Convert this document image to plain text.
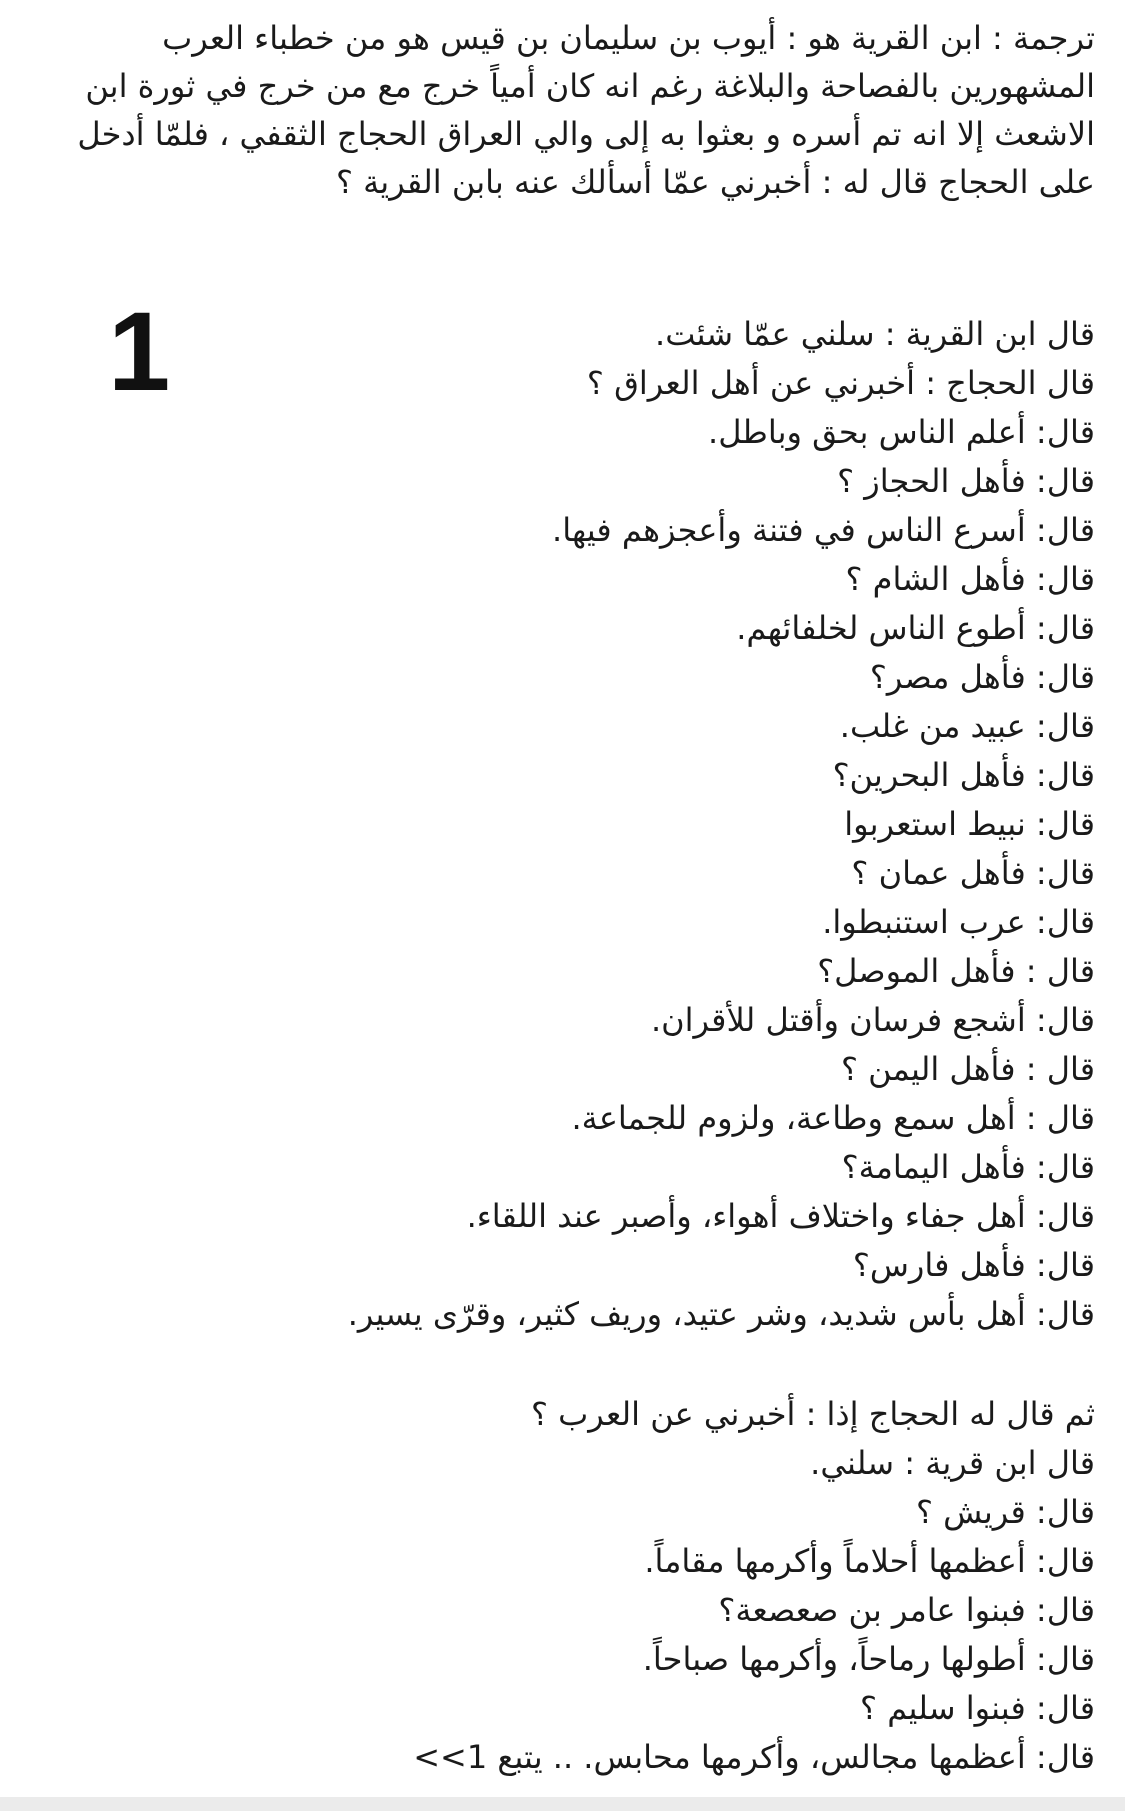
ترجمة : ابن القرية هو : أيوب بن سليمان بن قيس هو من خطباء العرب المشهورين بالفصاحة والبلاغة رغم انه كان أمياً خرج مع من خرج في ثورة ابن الاشعث إلا انه تم أسره و بعثوا به إلى والي العراق الحجاج الثقفي ، فلمّا أدخل على الحجاج قال له : أخبرني عمّا أسألك عنه بابن القرية ؟

1	قال ابن القرية : سلني عمّا شئت.
قال الحجاج : أخبرني عن أهل العراق ؟
قال: أعلم الناس بحق وباطل.
قال: فأهل الحجاز ؟
قال: أسرع الناس في فتنة وأعجزهم فيها.
قال: فأهل الشام ؟
قال: أطوع الناس لخلفائهم.
قال: فأهل مصر؟
قال: عبيد من غلب.
قال: فأهل البحرين؟
قال: نبيط استعربوا
قال: فأهل عمان ؟
قال: عرب استنبطوا.
قال : فأهل الموصل؟
قال: أشجع فرسان وأقتل للأقران.
قال : فأهل اليمن ؟
قال : أهل سمع وطاعة، ولزوم للجماعة.
قال: فأهل اليمامة؟
قال: أهل جفاء واختلاف أهواء، وأصبر عند اللقاء.
قال: فأهل فارس؟
قال: أهل بأس شديد، وشر عتيد، وريف كثير، وقرّى يسير.
ثم قال له الحجاج إذا : أخبرني عن العرب ؟
قال ابن قرية : سلني.
قال: قريش ؟
قال: أعظمها أحلاماً وأكرمها مقاماً.
قال: فبنوا عامر بن صعصعة؟
قال: أطولها رماحاً، وأكرمها صباحاً.
قال: فبنوا سليم ؟
قال: أعظمها مجالس، وأكرمها محابس. .. يتبع 1>>
